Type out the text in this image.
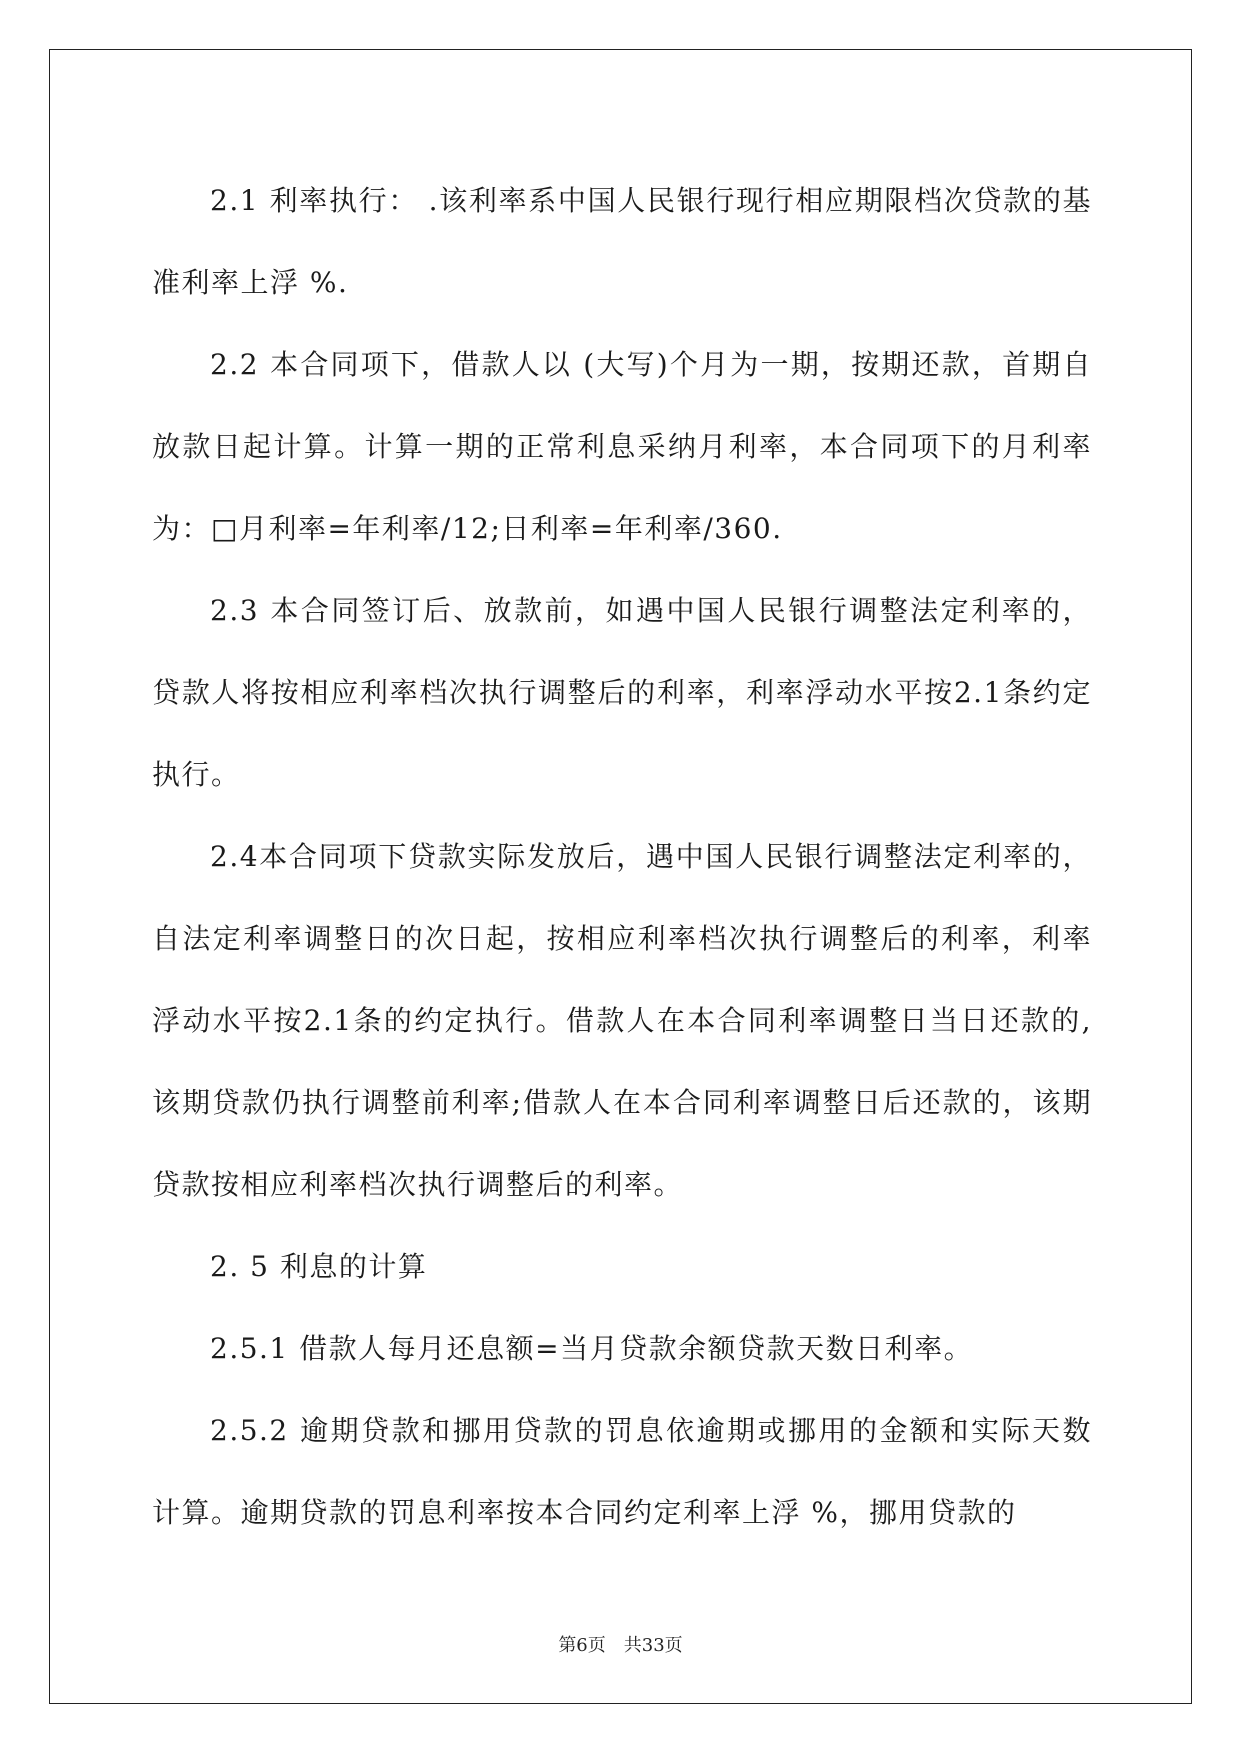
2.1 利率执行： .该利率系中国人民银行现行相应期限档次贷款的基准利率上浮 %.

2.2 本合同项下，借款人以 (大写)个月为一期，按期还款，首期自放款日起计算。计算一期的正常利息采纳月利率，本合同项下的月利率为：□月利率=年利率/12;日利率=年利率/360.

2.3 本合同签订后、放款前，如遇中国人民银行调整法定利率的，贷款人将按相应利率档次执行调整后的利率，利率浮动水平按2.1条约定执行。

2.4本合同项下贷款实际发放后，遇中国人民银行调整法定利率的，自法定利率调整日的次日起，按相应利率档次执行调整后的利率，利率浮动水平按2.1条的约定执行。借款人在本合同利率调整日当日还款的,该期贷款仍执行调整前利率;借款人在本合同利率调整日后还款的，该期贷款按相应利率档次执行调整后的利率。

2. 5 利息的计算

2.5.1 借款人每月还息额=当月贷款余额贷款天数日利率。

2.5.2 逾期贷款和挪用贷款的罚息依逾期或挪用的金额和实际天数计算。逾期贷款的罚息利率按本合同约定利率上浮 %，挪用贷款的

第6页　共33页
